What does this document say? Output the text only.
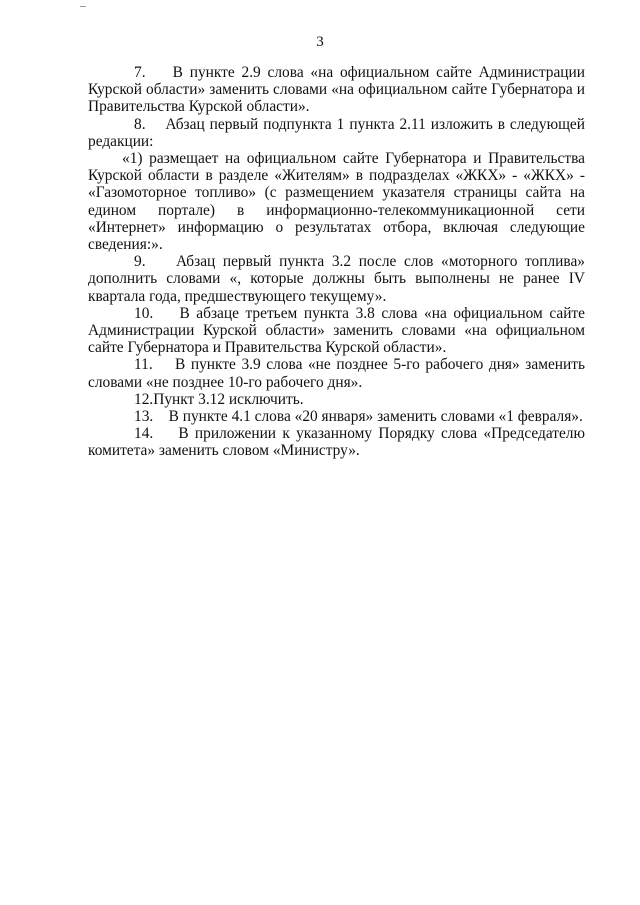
3

7.    В пункте 2.9 слова «на официальном сайте Администрации Курской области» заменить словами «на официальном сайте Губернатора и Правительства Курской области».

8.    Абзац первый подпункта 1 пункта 2.11 изложить в следующей редакции:

«1) размещает на официальном сайте Губернатора и Правительства Курской области в разделе «Жителям» в подразделах «ЖКХ» - «ЖКХ» - «Газомоторное топливо» (с размещением указателя страницы сайта на едином портале) в информационно-телекоммуникационной сети «Интернет» информацию о результатах отбора, включая следующие сведения:».

9.    Абзац первый пункта 3.2 после слов «моторного топлива» дополнить словами «, которые должны быть выполнены не ранее IV квартала года, предшествующего текущему».

10.    В абзаце третьем пункта 3.8 слова «на официальном сайте Администрации Курской области» заменить словами «на официальном сайте Губернатора и Правительства Курской области».

11.    В пункте 3.9 слова «не позднее 5-го рабочего дня» заменить словами «не позднее 10-го рабочего дня».

12.Пункт 3.12 исключить.

13.    В пункте 4.1 слова «20 января» заменить словами «1 февраля».

14.    В приложении к указанному Порядку слова «Председателю комитета» заменить словом «Министру».
